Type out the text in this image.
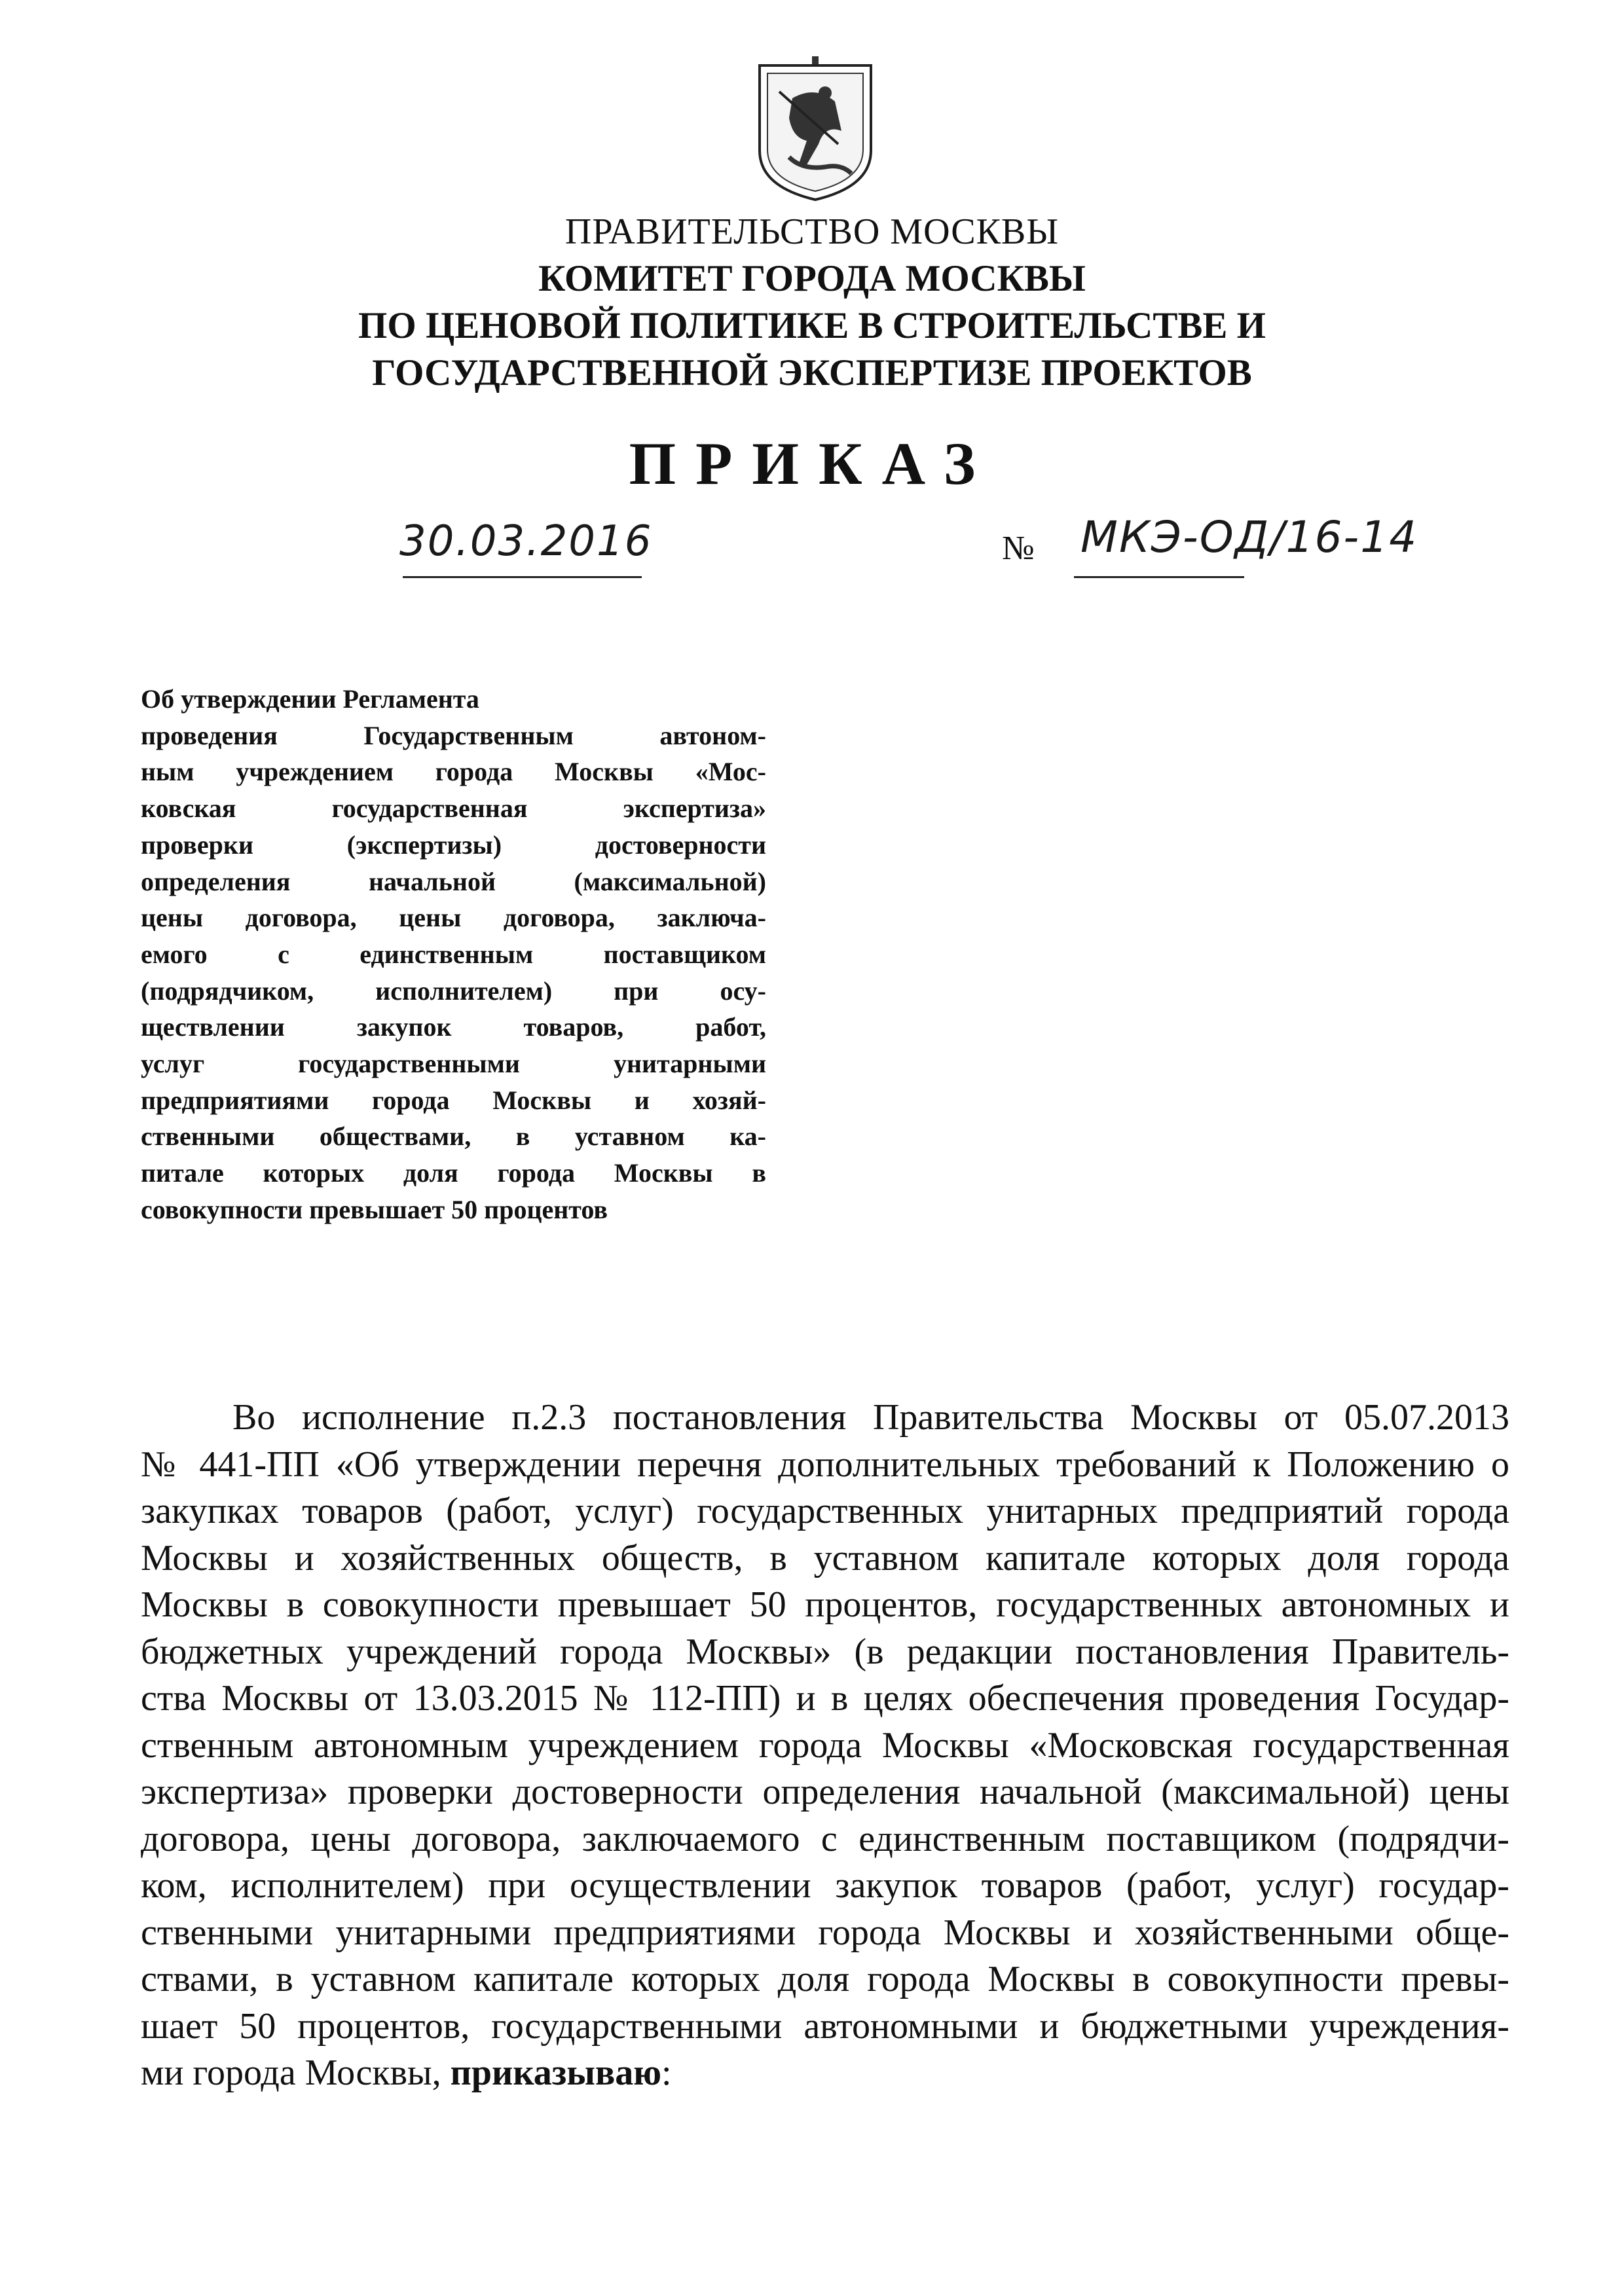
ПРАВИТЕЛЬСТВО МОСКВЫ
КОМИТЕТ ГОРОДА МОСКВЫ
ПО ЦЕНОВОЙ ПОЛИТИКЕ В СТРОИТЕЛЬСТВЕ И
ГОСУДАРСТВЕННОЙ ЭКСПЕРТИЗЕ ПРОЕКТОВ
ПРИКАЗ
30.03.2016	№ МКЭ-ОД/16-14
Об утверждении Регламента
проведения Государственным автоном-
ным учреждением города Москвы «Мос-
ковская государственная экспертиза»
проверки (экспертизы) достоверности
определения начальной (максимальной)
цены договора, цены договора, заключа-
емого с единственным поставщиком
(подрядчиком, исполнителем) при осу-
ществлении закупок товаров, работ,
услуг государственными унитарными
предприятиями города Москвы и хозяй-
ственными обществами, в уставном ка-
питале которых доля города Москвы в
совокупности превышает 50 процентов
Во исполнение п.2.3 постановления Правительства Москвы от 05.07.2013
№ 441-ПП «Об утверждении перечня дополнительных требований к Положению о
закупках товаров (работ, услуг) государственных унитарных предприятий города
Москвы и хозяйственных обществ, в уставном капитале которых доля города
Москвы в совокупности превышает 50 процентов, государственных автономных и
бюджетных учреждений города Москвы» (в редакции постановления Правитель-
ства Москвы от 13.03.2015 № 112-ПП) и в целях обеспечения проведения Государ-
ственным автономным учреждением города Москвы «Московская государственная
экспертиза» проверки достоверности определения начальной (максимальной) цены
договора, цены договора, заключаемого с единственным поставщиком (подрядчи-
ком, исполнителем) при осуществлении закупок товаров (работ, услуг) государ-
ственными унитарными предприятиями города Москвы и хозяйственными обще-
ствами, в уставном капитале которых доля города Москвы в совокупности превы-
шает 50 процентов, государственными автономными и бюджетными учреждения-
ми города Москвы, приказываю:
